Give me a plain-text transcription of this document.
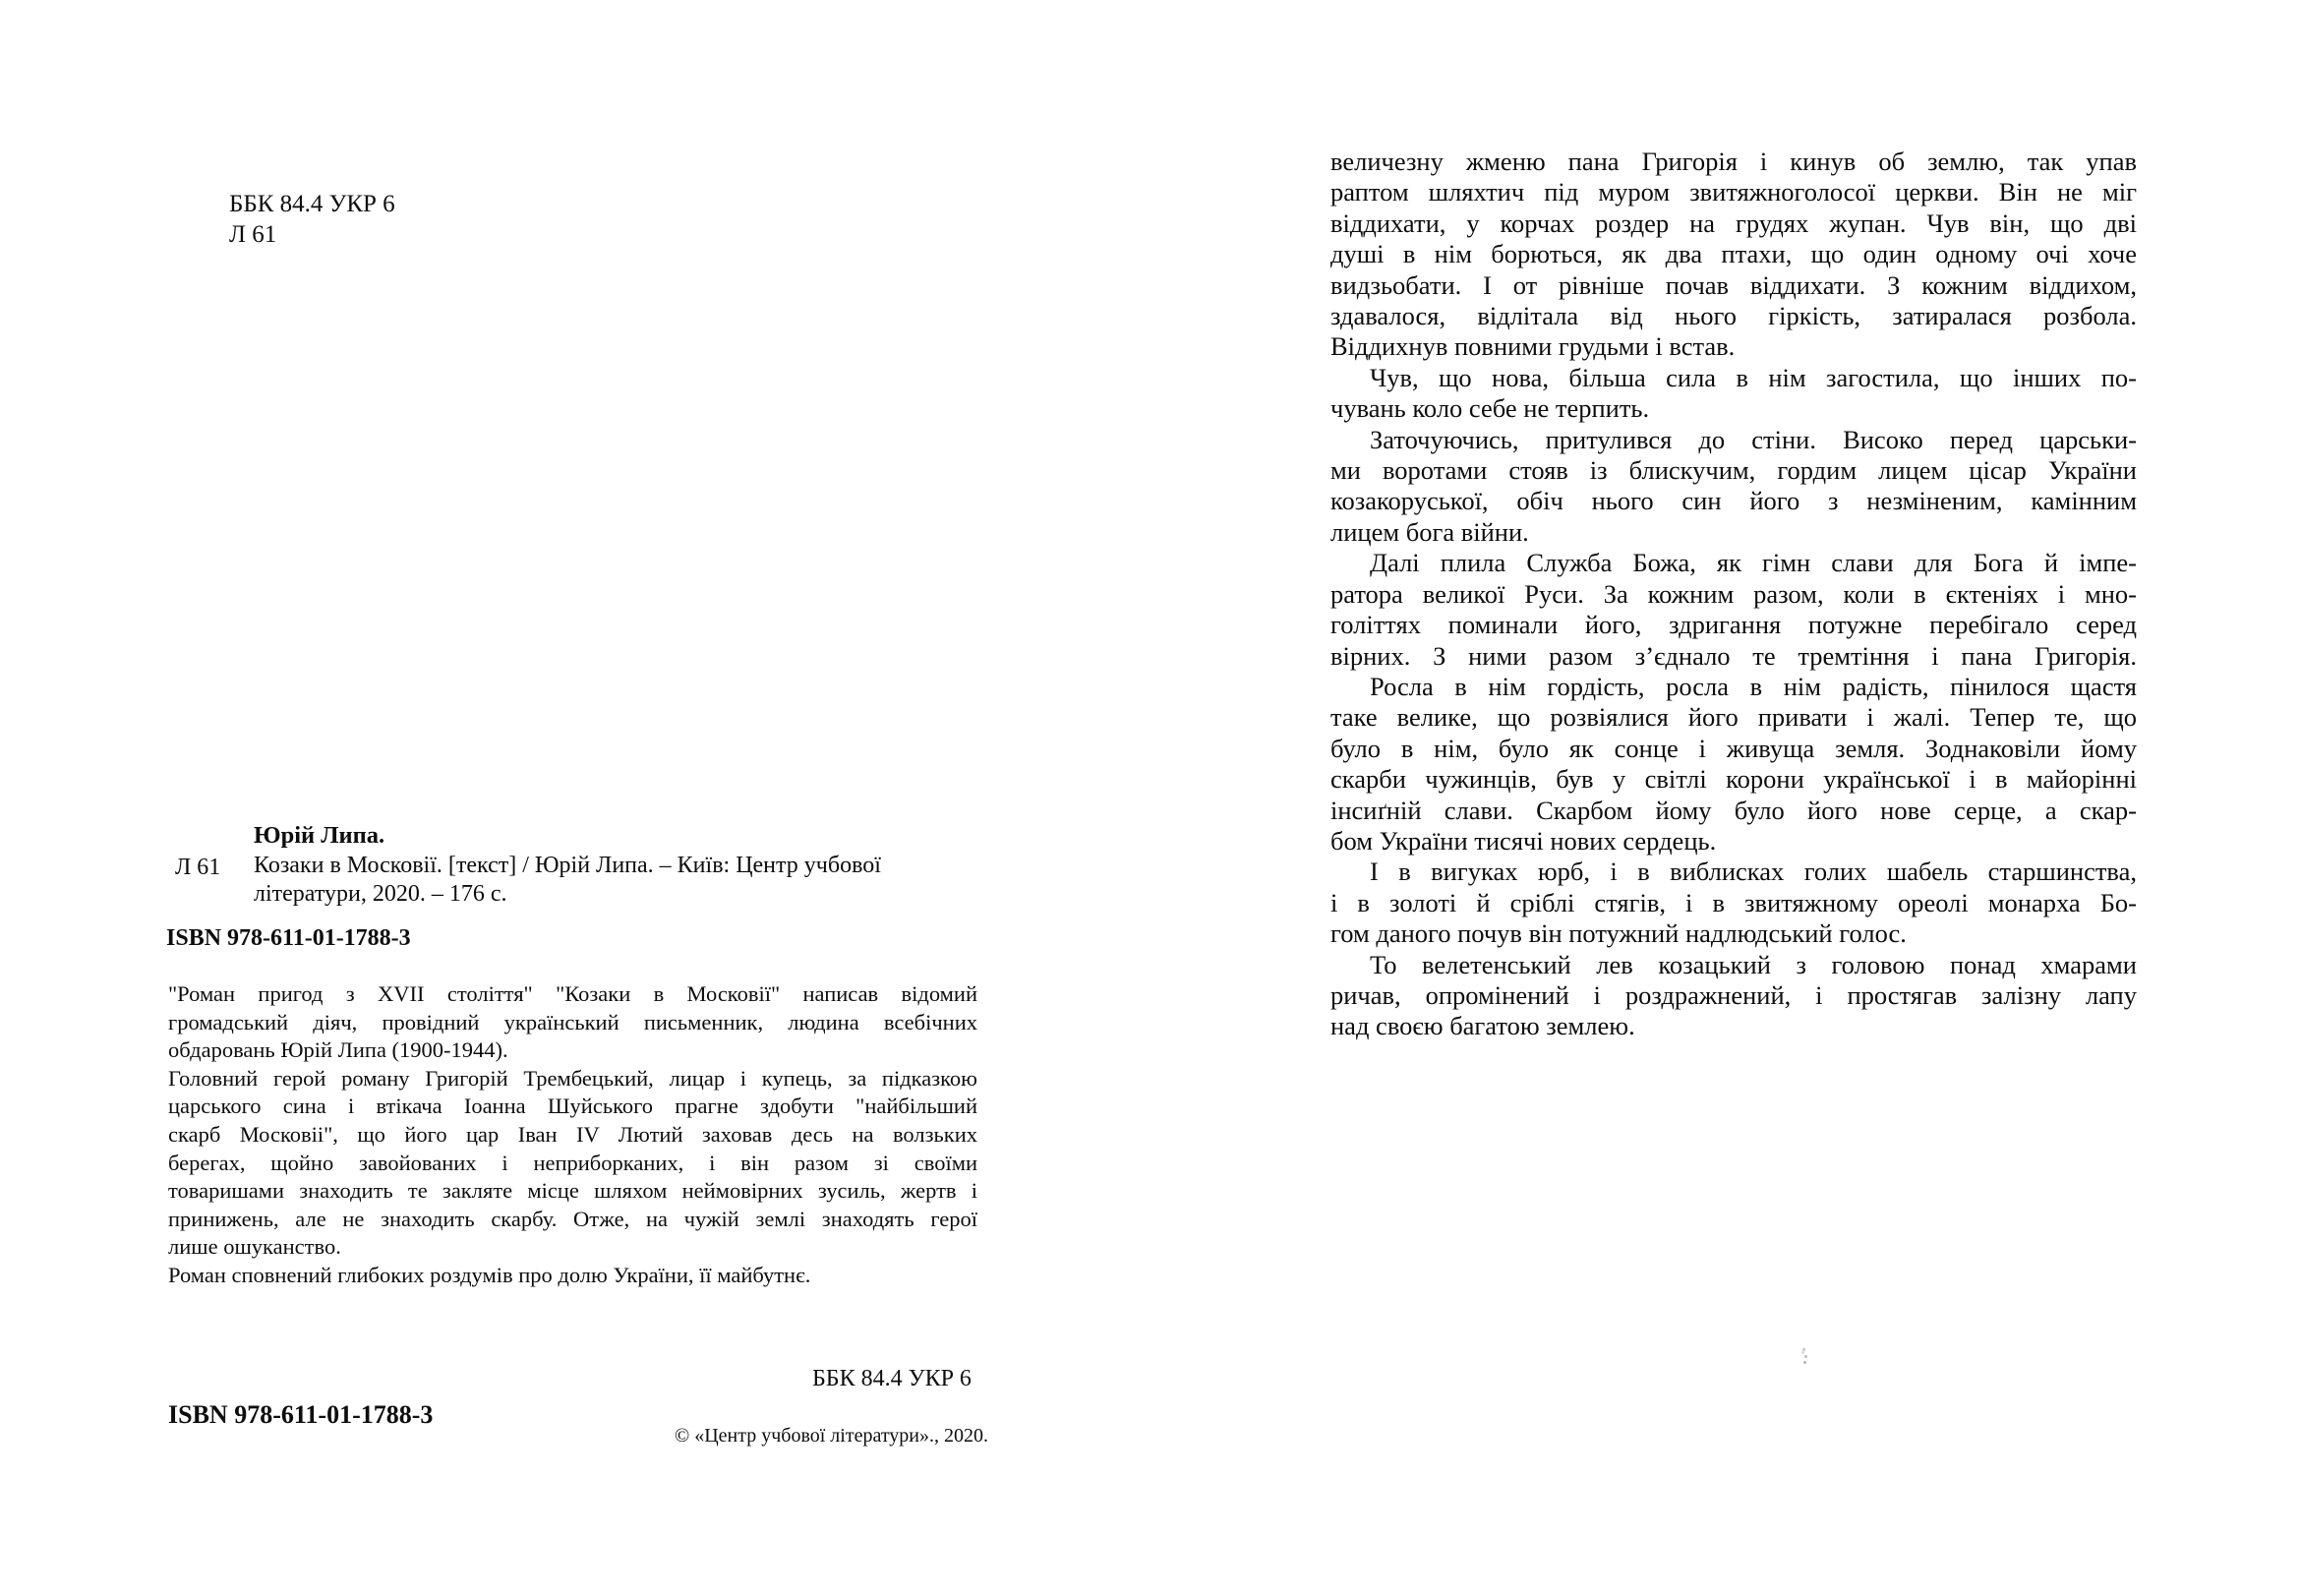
ББК 84.4 УКР 6
Л 61
Юрій Липа.
Л 61 Козаки в Московії. [текст] / Юрій Липа. – Київ: Центр учбової
літератури, 2020. – 176 с.
ISBN 978-611-01-1788-3
"Роман пригод з XVII століття" "Козаки в Московії" написав відомий
громадський діяч, провідний український письменник, людина всебічних
обдаровань Юрій Липа (1900-1944).
Головний герой роману Григорій Трембецький, лицар і купець, за підказкою
царського сина і втікача Іоанна Шуйського прагне здобути "найбільший
скарб Московіі", що його цар Іван IV Лютий заховав десь на волзьких
берегах, щойно завойованих і неприборканих, і він разом зі своїми
товаришами знаходить те закляте місце шляхом неймовірних зусиль, жертв і
принижень, але не знаходить скарбу. Отже, на чужій землі знаходять герої
лише ошуканство.
Роман сповнений глибоких роздумів про долю України, її майбутнє.
ББК 84.4 УКР 6
ISBN 978-611-01-1788-3
© «Центр учбової літератури»., 2020.
величезну жменю пана Григорія і кинув об землю, так упав
раптом шляхтич під муром звитяжноголосої церкви. Він не міг
віддихати, у корчах роздер на грудях жупан. Чув він, що дві
душі в нім борються, як два птахи, що один одному очі хоче
видзьобати. І от рівніше почав віддихати. З кожним віддихом,
здавалося, відлітала від нього гіркість, затиралася розбола.
Віддихнув повними грудьми і встав.
Чув, що нова, більша сила в нім загостила, що інших по-
чувань коло себе не терпить.
Заточуючись, притулився до стіни. Високо перед царськи-
ми воротами стояв із блискучим, гордим лицем цісар України
козакоруської, обіч нього син його з незміненим, камінним
лицем бога війни.
Далі плила Служба Божа, як гімн слави для Бога й імпе-
ратора великої Руси. За кожним разом, коли в єктеніях і мно-
голіттях поминали його, здригання потужне перебігало серед
вірних. З ними разом з’єднало те тремтіння і пана Григорія.
Росла в нім гордість, росла в нім радість, пінилося щастя
таке велике, що розвіялися його привати і жалі. Тепер те, що
було в нім, було як сонце і живуща земля. Зоднаковіли йому
скарби чужинців, був у світлі корони української і в майорінні
інсиґній слави. Скарбом йому було його нове серце, а скар-
бом України тисячі нових сердець.
І в вигуках юрб, і в виблисках голих шабель старшинства,
і в золоті й сріблі стягів, і в звитяжному ореолі монарха Бо-
гом даного почув він потужний надлюдський голос.
То велетенський лев козацький з головою понад хмарами
ричав, опромінений і роздражнений, і простягав залізну лапу
над своєю багатою землею.
